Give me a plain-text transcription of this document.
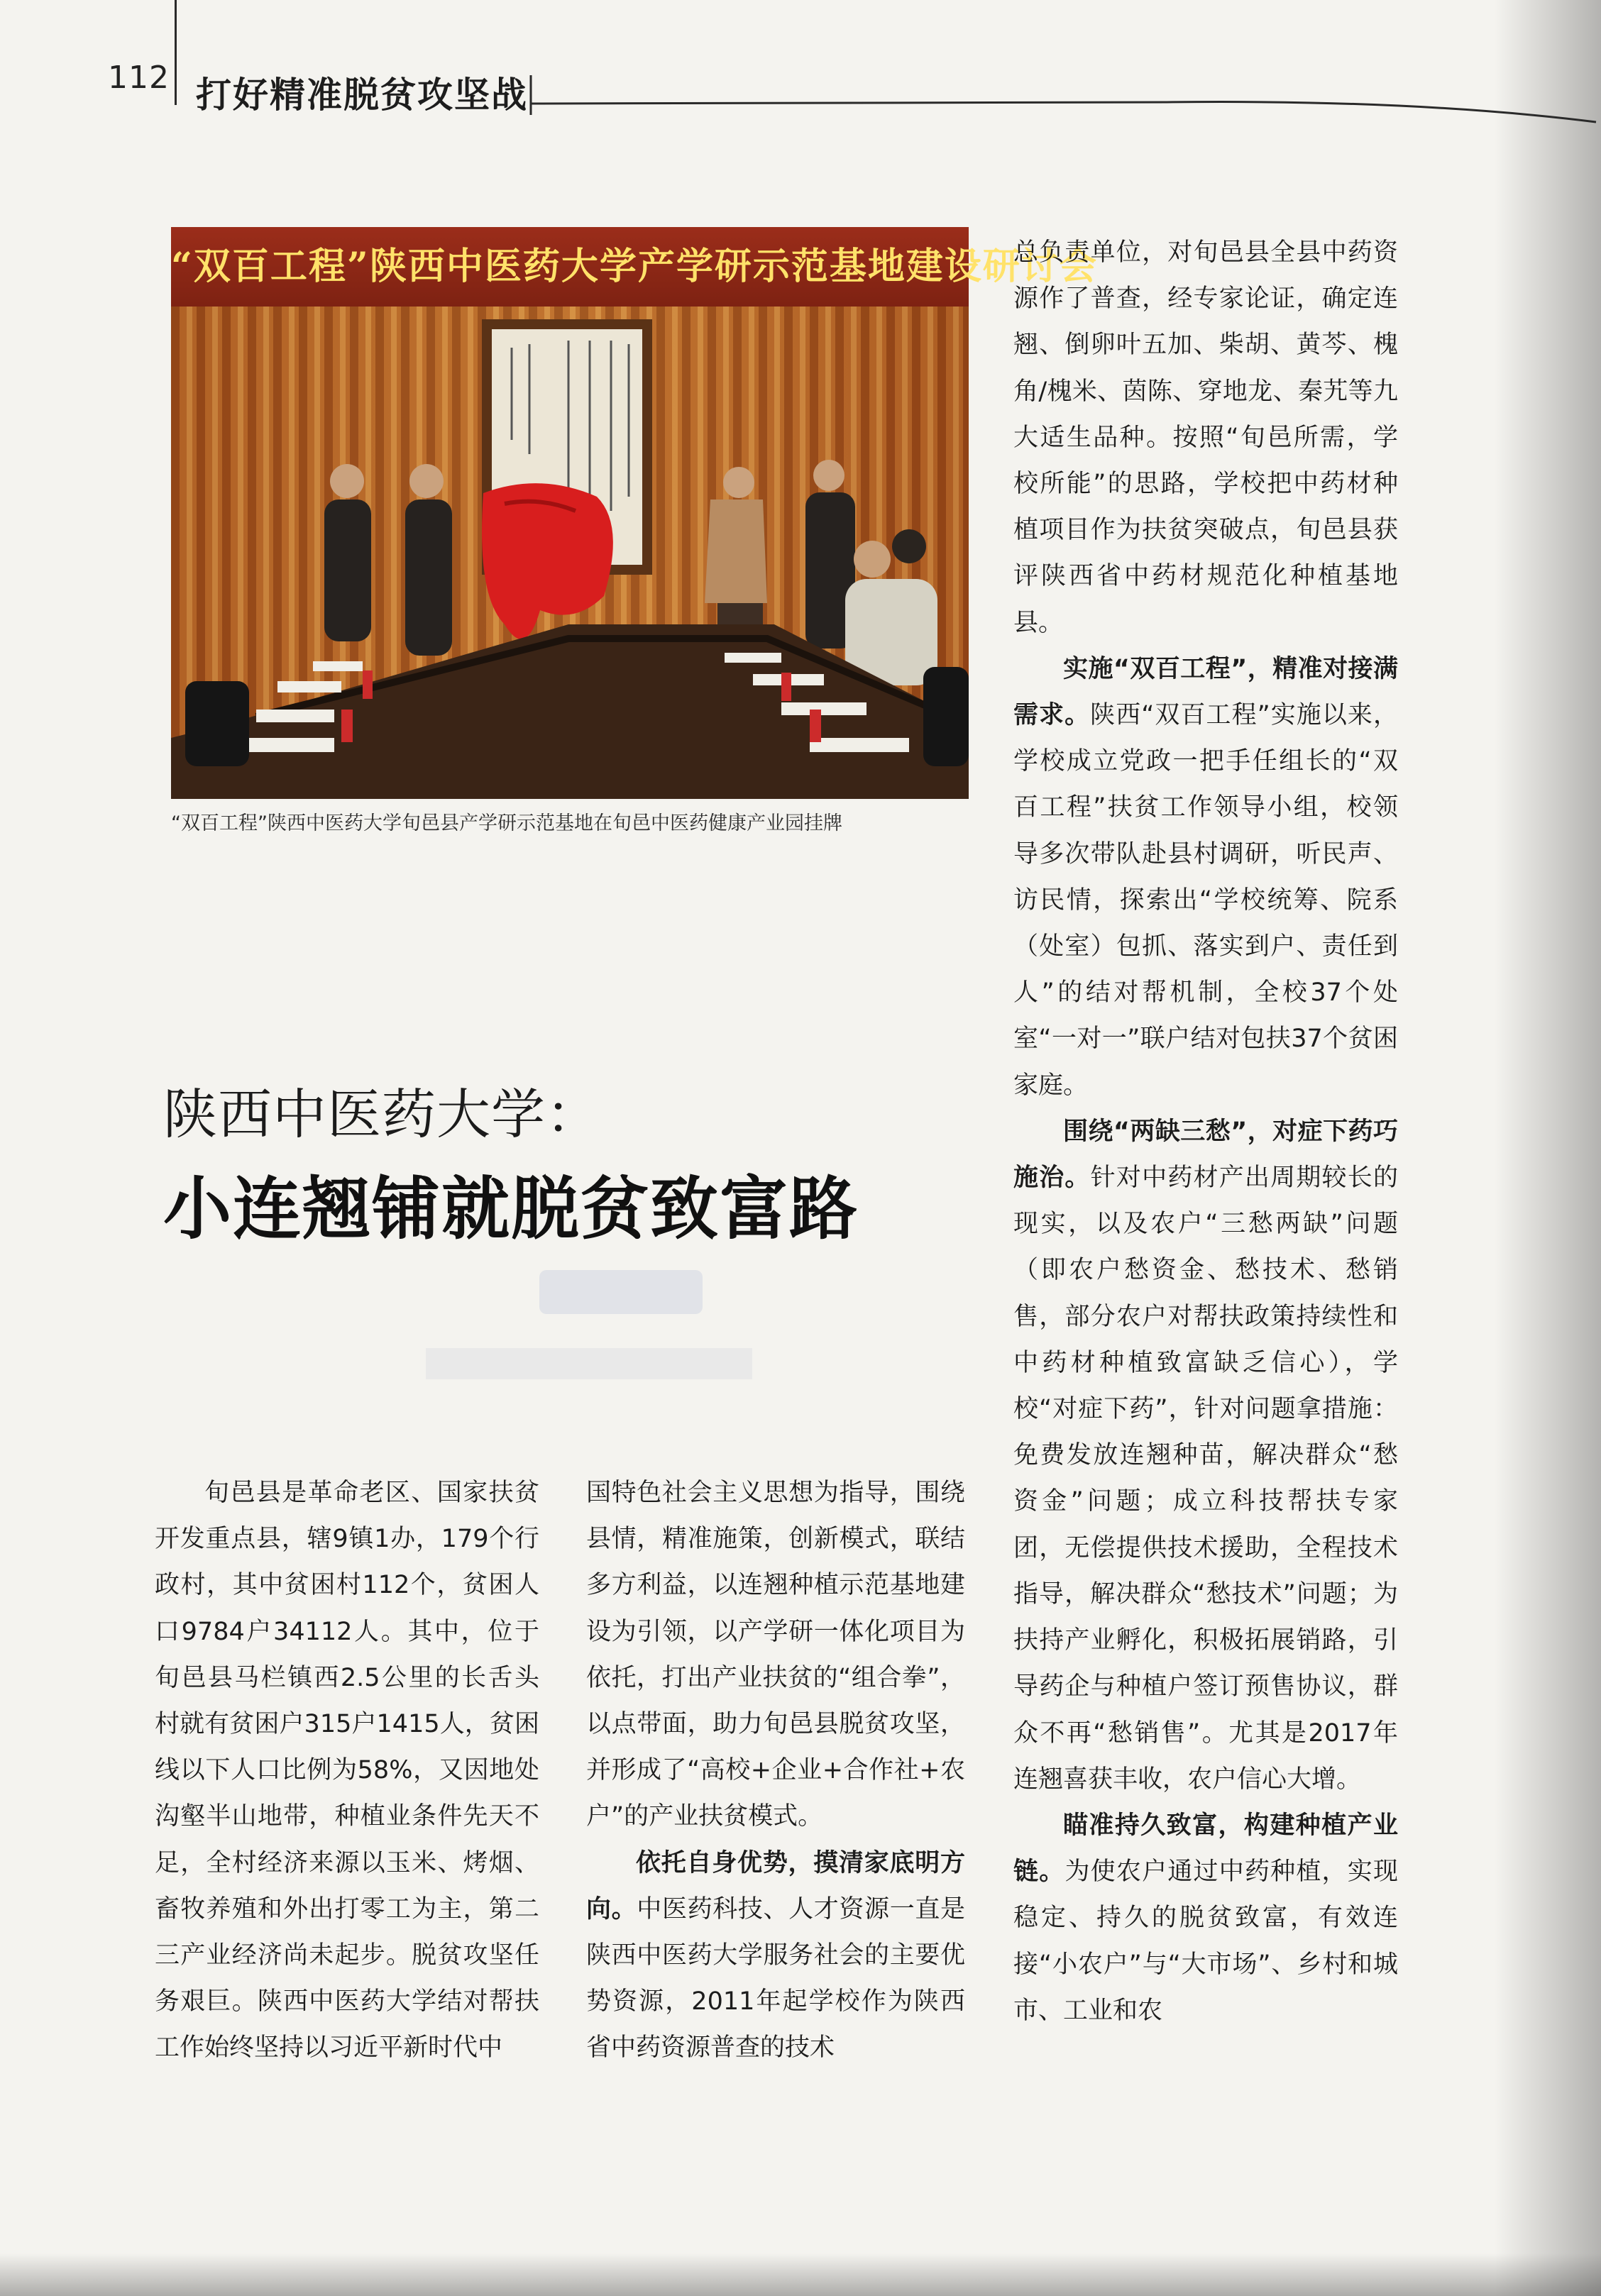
112 打好精准脱贫攻坚战
“双百工程”陕西中医药大学产学研示范基地建设研讨会
“双百工程”陕西中医药大学旬邑县产学研示范基地在旬邑中医药健康产业园挂牌
陕西中医药大学：
小连翘铺就脱贫致富路

旬邑县是革命老区、国家扶贫开发重点县，辖9镇1办，179个行政村，其中贫困村112个，贫困人口9784户34112人。其中，位于旬邑县马栏镇西2.5公里的长舌头村就有贫困户315户1415人，贫困线以下人口比例为58%，又因地处沟壑半山地带，种植业条件先天不足，全村经济来源以玉米、烤烟、畜牧养殖和外出打零工为主，第二三产业经济尚未起步。脱贫攻坚任务艰巨。陕西中医药大学结对帮扶工作始终坚持以习近平新时代中

国特色社会主义思想为指导，围绕县情，精准施策，创新模式，联结多方利益，以连翘种植示范基地建设为引领，以产学研一体化项目为依托，打出产业扶贫的“组合拳”，以点带面，助力旬邑县脱贫攻坚，并形成了“高校+企业+合作社+农户”的产业扶贫模式。

依托自身优势，摸清家底明方向。中医药科技、人才资源一直是陕西中医药大学服务社会的主要优势资源，2011年起学校作为陕西省中药资源普查的技术

总负责单位，对旬邑县全县中药资源作了普查，经专家论证，确定连翘、倒卵叶五加、柴胡、黄芩、槐角/槐米、茵陈、穿地龙、秦艽等九大适生品种。按照“旬邑所需，学校所能”的思路，学校把中药材种植项目作为扶贫突破点，旬邑县获评陕西省中药材规范化种植基地县。

实施“双百工程”，精准对接满需求。陕西“双百工程”实施以来，学校成立党政一把手任组长的“双百工程”扶贫工作领导小组，校领导多次带队赴县村调研，听民声、访民情，探索出“学校统筹、院系（处室）包抓、落实到户、责任到人”的结对帮机制，全校37个处室“一对一”联户结对包扶37个贫困家庭。

围绕“两缺三愁”，对症下药巧施治。针对中药材产出周期较长的现实，以及农户“三愁两缺”问题（即农户愁资金、愁技术、愁销售，部分农户对帮扶政策持续性和中药材种植致富缺乏信心），学校“对症下药”，针对问题拿措施：免费发放连翘种苗，解决群众“愁资金”问题；成立科技帮扶专家团，无偿提供技术援助，全程技术指导，解决群众“愁技术”问题；为扶持产业孵化，积极拓展销路，引导药企与种植户签订预售协议，群众不再“愁销售”。尤其是2017年连翘喜获丰收，农户信心大增。

瞄准持久致富，构建种植产业链。为使农户通过中药种植，实现稳定、持久的脱贫致富，有效连接“小农户”与“大市场”、乡村和城市、工业和农
